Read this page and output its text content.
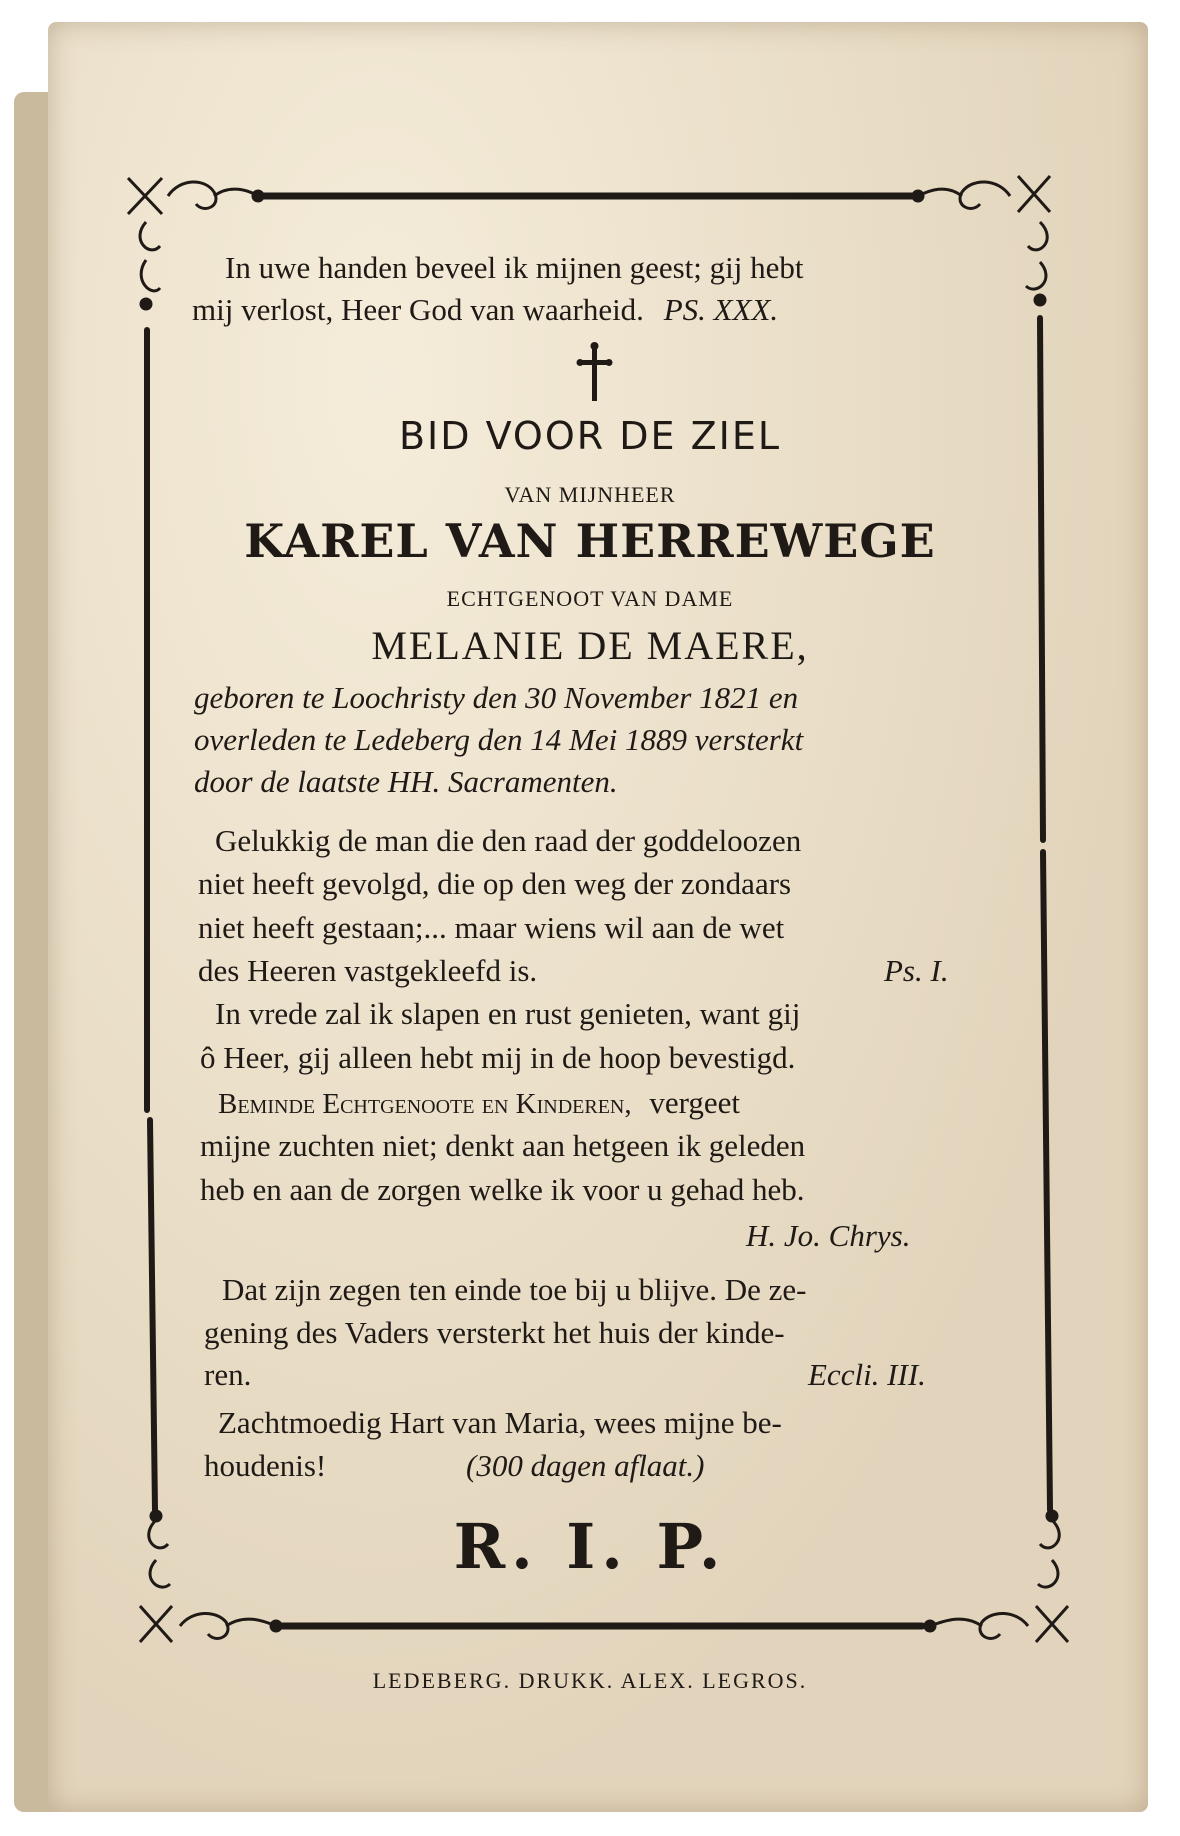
In uwe handen beveel ik mijnen geest; gij hebt

mij verlost, Heer God van waarheid. PS. XXX.

BID VOOR DE ZIEL

VAN MIJNHEER

KAREL VAN HERREWEGE

ECHTGENOOT VAN DAME

MELANIE DE MAERE,

geboren te Loochristy den 30 November 1821 en

overleden te Ledeberg den 14 Mei 1889 versterkt

door de laatste HH. Sacramenten.

Gelukkig de man die den raad der goddeloozen

niet heeft gevolgd, die op den weg der zondaars

niet heeft gestaan;... maar wiens wil aan de wet

des Heeren vastgekleefd is.	Ps. I.

In vrede zal ik slapen en rust genieten, want gij

ô Heer, gij alleen hebt mij in de hoop bevestigd.

Beminde Echtgenoote en Kinderen, vergeet

mijne zuchten niet; denkt aan hetgeen ik geleden

heb en aan de zorgen welke ik voor u gehad heb.

H. Jo. Chrys.

Dat zijn zegen ten einde toe bij u blijve. De ze-

gening des Vaders versterkt het huis der kinde-

ren.	Eccli. III.

Zachtmoedig Hart van Maria, wees mijne be-

houdenis!	(300 dagen aflaat.)

R. I. P.

LEDEBERG. DRUKK. ALEX. LEGROS.
